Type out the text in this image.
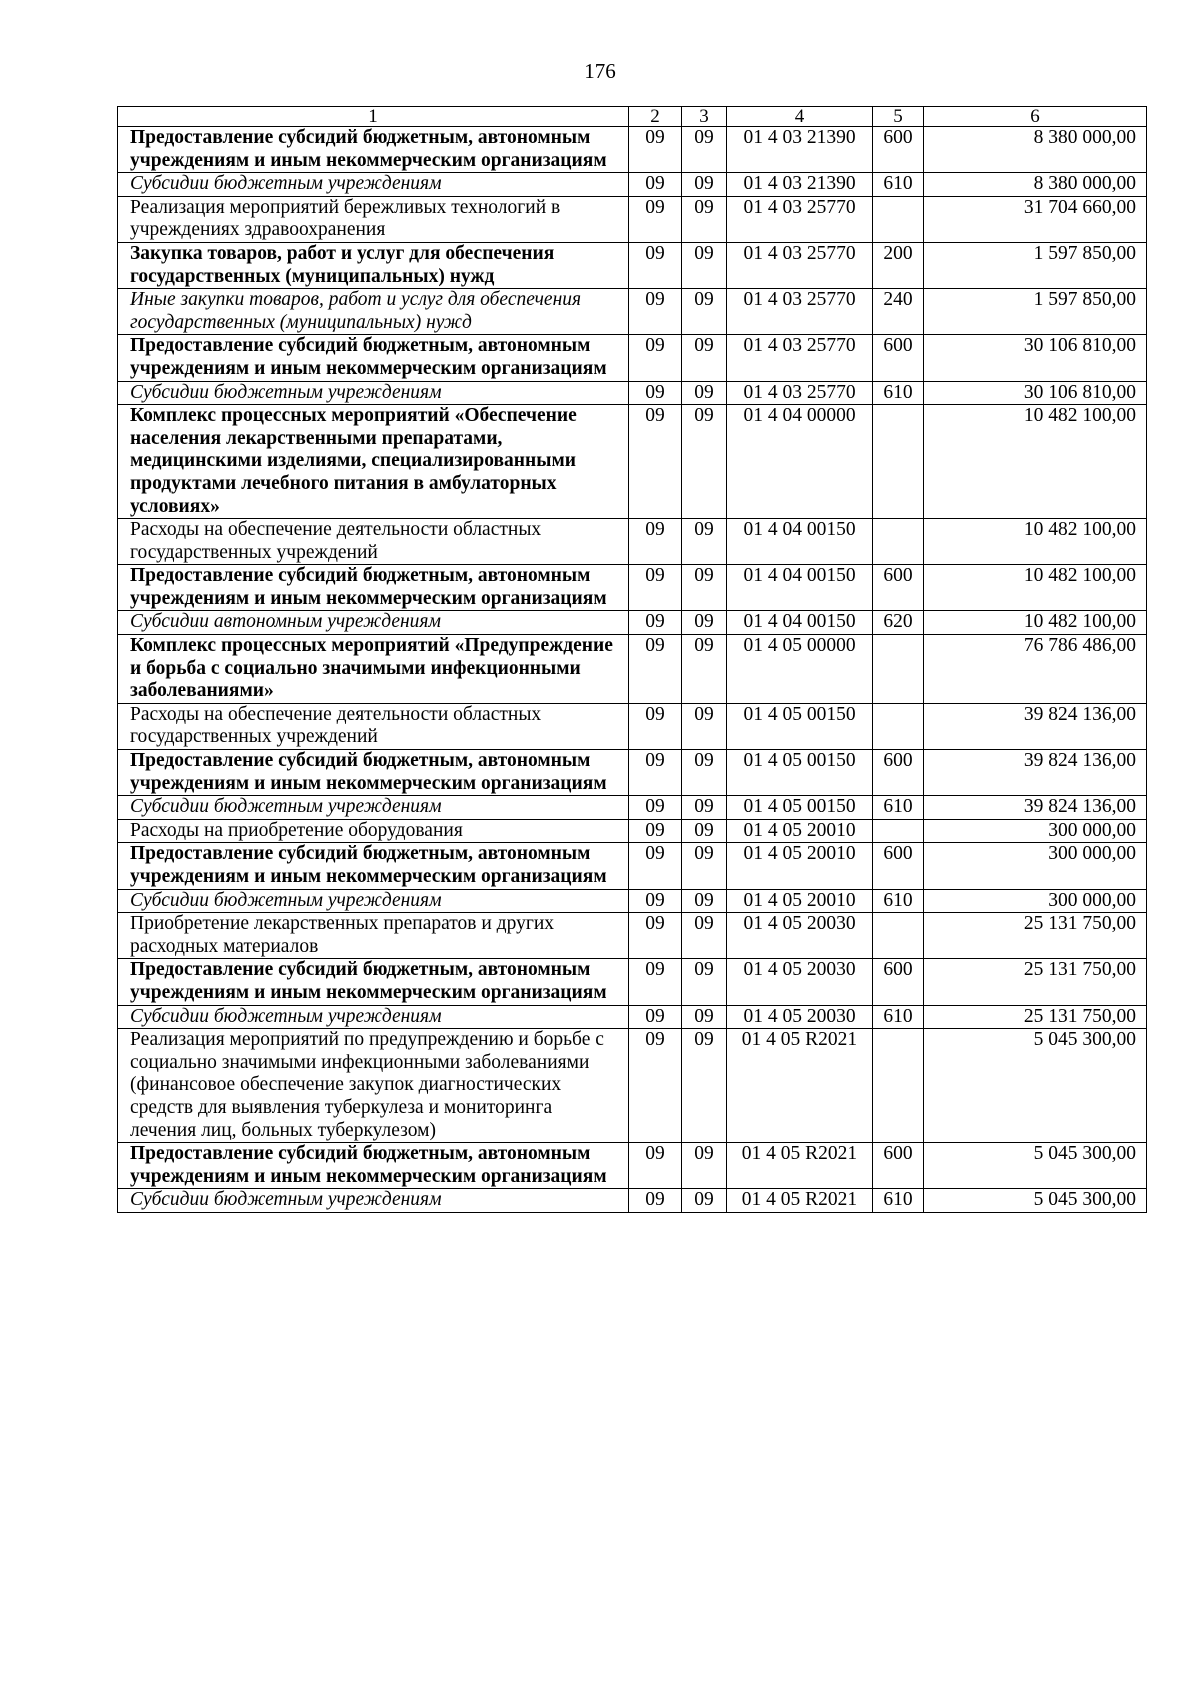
176
1	2	3	4	5	6
Предоставление субсидий бюджетным, автономным учреждениям и иным некоммерческим организациям	09	09	01 4 03 21390	600	8 380 000,00
Субсидии бюджетным учреждениям	09	09	01 4 03 21390	610	8 380 000,00
Реализация мероприятий бережливых технологий в учреждениях здравоохранения	09	09	01 4 03 25770		31 704 660,00
Закупка товаров, работ и услуг для обеспечения государственных (муниципальных) нужд	09	09	01 4 03 25770	200	1 597 850,00
Иные закупки товаров, работ и услуг для обеспечения государственных (муниципальных) нужд	09	09	01 4 03 25770	240	1 597 850,00
Предоставление субсидий бюджетным, автономным учреждениям и иным некоммерческим организациям	09	09	01 4 03 25770	600	30 106 810,00
Субсидии бюджетным учреждениям	09	09	01 4 03 25770	610	30 106 810,00
Комплекс процессных мероприятий «Обеспечение населения лекарственными препаратами, медицинскими изделиями, специализированными продуктами лечебного питания в амбулаторных условиях»	09	09	01 4 04 00000		10 482 100,00
Расходы на обеспечение деятельности областных государственных учреждений	09	09	01 4 04 00150		10 482 100,00
Предоставление субсидий бюджетным, автономным учреждениям и иным некоммерческим организациям	09	09	01 4 04 00150	600	10 482 100,00
Субсидии автономным учреждениям	09	09	01 4 04 00150	620	10 482 100,00
Комплекс процессных мероприятий «Предупреждение и борьба с социально значимыми инфекционными заболеваниями»	09	09	01 4 05 00000		76 786 486,00
Расходы на обеспечение деятельности областных государственных учреждений	09	09	01 4 05 00150		39 824 136,00
Предоставление субсидий бюджетным, автономным учреждениям и иным некоммерческим организациям	09	09	01 4 05 00150	600	39 824 136,00
Субсидии бюджетным учреждениям	09	09	01 4 05 00150	610	39 824 136,00
Расходы на приобретение оборудования	09	09	01 4 05 20010		300 000,00
Предоставление субсидий бюджетным, автономным учреждениям и иным некоммерческим организациям	09	09	01 4 05 20010	600	300 000,00
Субсидии бюджетным учреждениям	09	09	01 4 05 20010	610	300 000,00
Приобретение лекарственных препаратов и других расходных материалов	09	09	01 4 05 20030		25 131 750,00
Предоставление субсидий бюджетным, автономным учреждениям и иным некоммерческим организациям	09	09	01 4 05 20030	600	25 131 750,00
Субсидии бюджетным учреждениям	09	09	01 4 05 20030	610	25 131 750,00
Реализация мероприятий по предупреждению и борьбе с социально значимыми инфекционными заболеваниями (финансовое обеспечение закупок диагностических средств для выявления туберкулеза и мониторинга лечения лиц, больных туберкулезом)	09	09	01 4 05 R2021		5 045 300,00
Предоставление субсидий бюджетным, автономным учреждениям и иным некоммерческим организациям	09	09	01 4 05 R2021	600	5 045 300,00
Субсидии бюджетным учреждениям	09	09	01 4 05 R2021	610	5 045 300,00
